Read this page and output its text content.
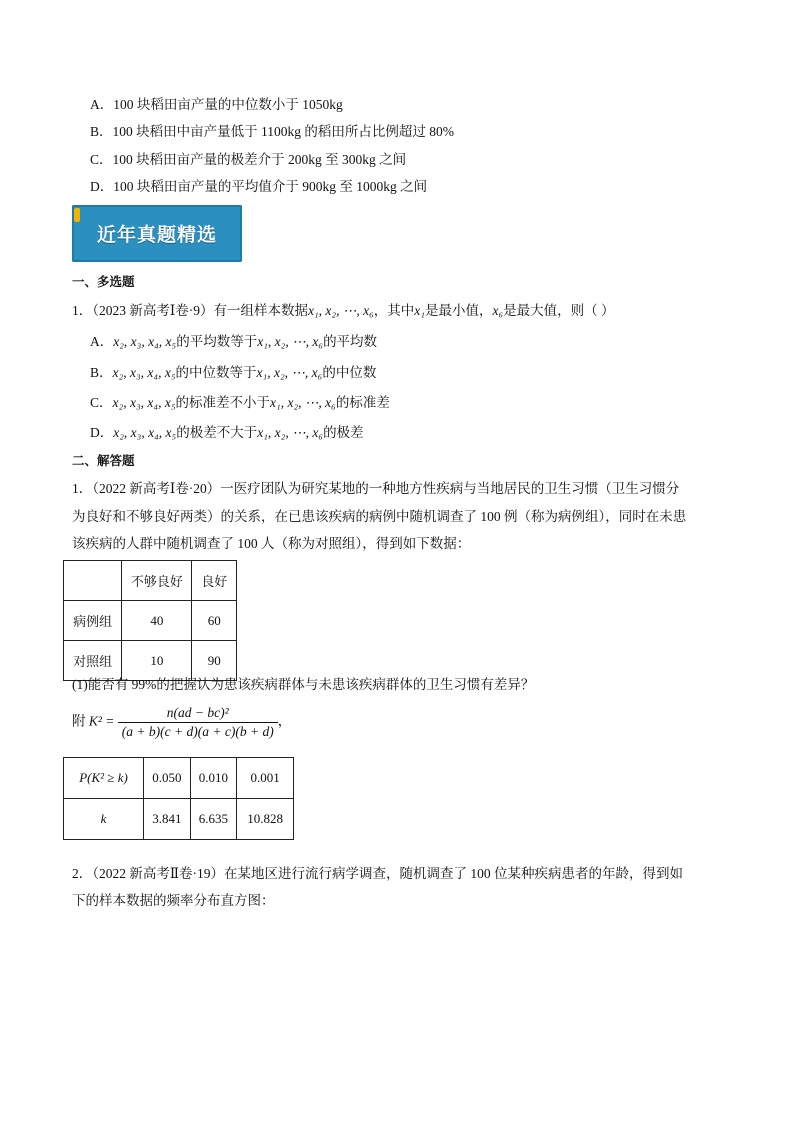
A．100 块稻田亩产量的中位数小于 1050kg
B．100 块稻田中亩产量低于 1100kg 的稻田所占比例超过 80%
C．100 块稻田亩产量的极差介于 200kg 至 300kg 之间
D．100 块稻田亩产量的平均值介于 900kg 至 1000kg 之间
近年真题精选
一、多选题
1．（2023 新高考Ⅰ卷·9）有一组样本数据x₁, x₂, ⋯, x₆，其中x₁是最小值，x₆是最大值，则（ ）
A．x₂, x₃, x₄, x₅的平均数等于x₁, x₂, ⋯, x₆的平均数
B．x₂, x₃, x₄, x₅的中位数等于x₁, x₂, ⋯, x₆的中位数
C．x₂, x₃, x₄, x₅的标准差不小于x₁, x₂, ⋯, x₆的标准差
D．x₂, x₃, x₄, x₅的极差不大于x₁, x₂, ⋯, x₆的极差
二、解答题
1．（2022 新高考Ⅰ卷·20）一医疗团队为研究某地的一种地方性疾病与当地居民的卫生习惯（卫生习惯分
为良好和不够良好两类）的关系，在已患该疾病的病例中随机调查了 100 例（称为病例组），同时在未患
该疾病的人群中随机调查了 100 人（称为对照组），得到如下数据：
	不够良好	良好
病例组	40	60
对照组	10	90
(1)能否有 99%的把握认为患该疾病群体与未患该疾病群体的卫生习惯有差异？
附 $K^2 = \frac{\text{n(ad − bc)²}}{(a + b)(c + d)(a + c)(b + d)}$ ，
P(K² ≥ k)	0.050	0.010	0.001
k	3.841	6.635	10.828
2．（2022 新高考Ⅱ卷·19）在某地区进行流行病学调查，随机调查了 100 位某种疾病患者的年龄，得到如
下的样本数据的频率分布直方图：
